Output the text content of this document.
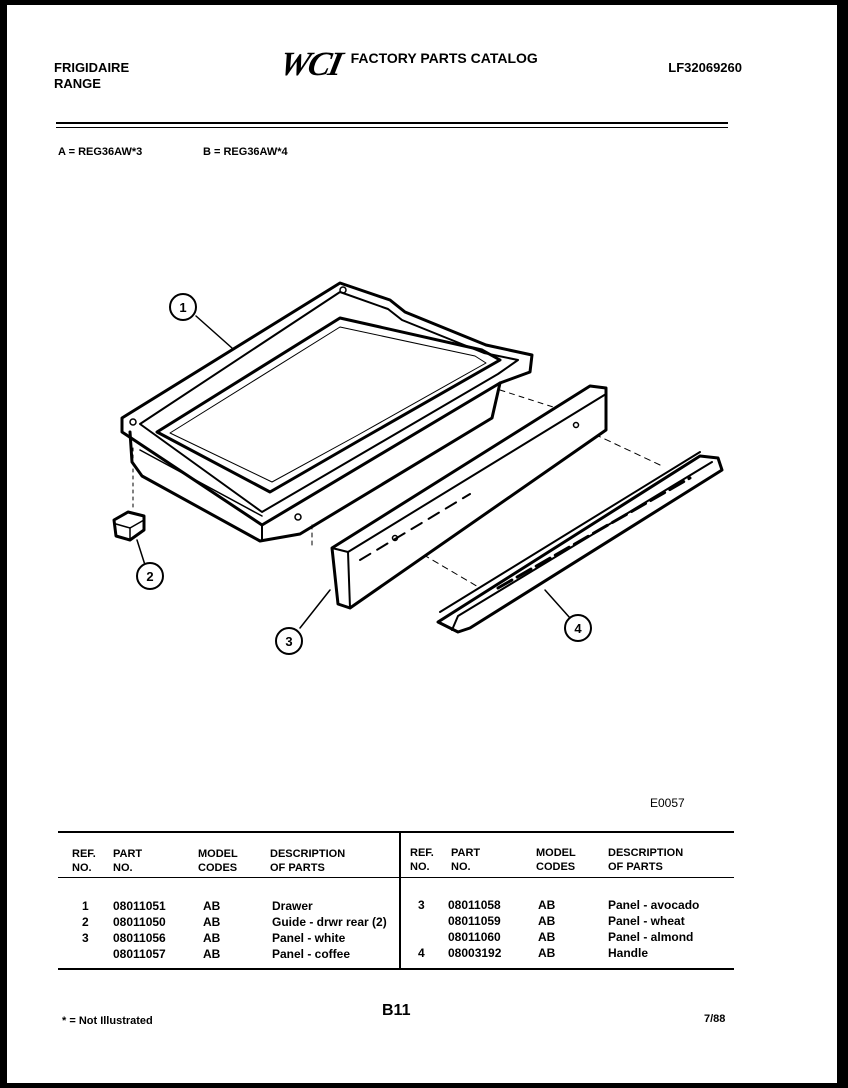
FRIGIDAIRE
RANGE
WCI FACTORY PARTS CATALOG
LF32069260
A = REG36AW*3	B = REG36AW*4
1
2
3
4
E0057
REF.
NO.
PART
NO.
MODEL
CODES
DESCRIPTION
OF PARTS
REF.
NO.
PART
NO.
MODEL
CODES
DESCRIPTION
OF PARTS
1 08011051	AB	Drawer
2 08011050	AB	Guide - drwr rear (2)
3 08011056	AB	Panel - white
08011057	AB	Panel - coffee
3 08011058	AB	Panel - avocado
08011059	AB	Panel - wheat
08011060	AB	Panel - almond
4 08003192	AB	Handle
* = Not Illustrated
B11	7/88
